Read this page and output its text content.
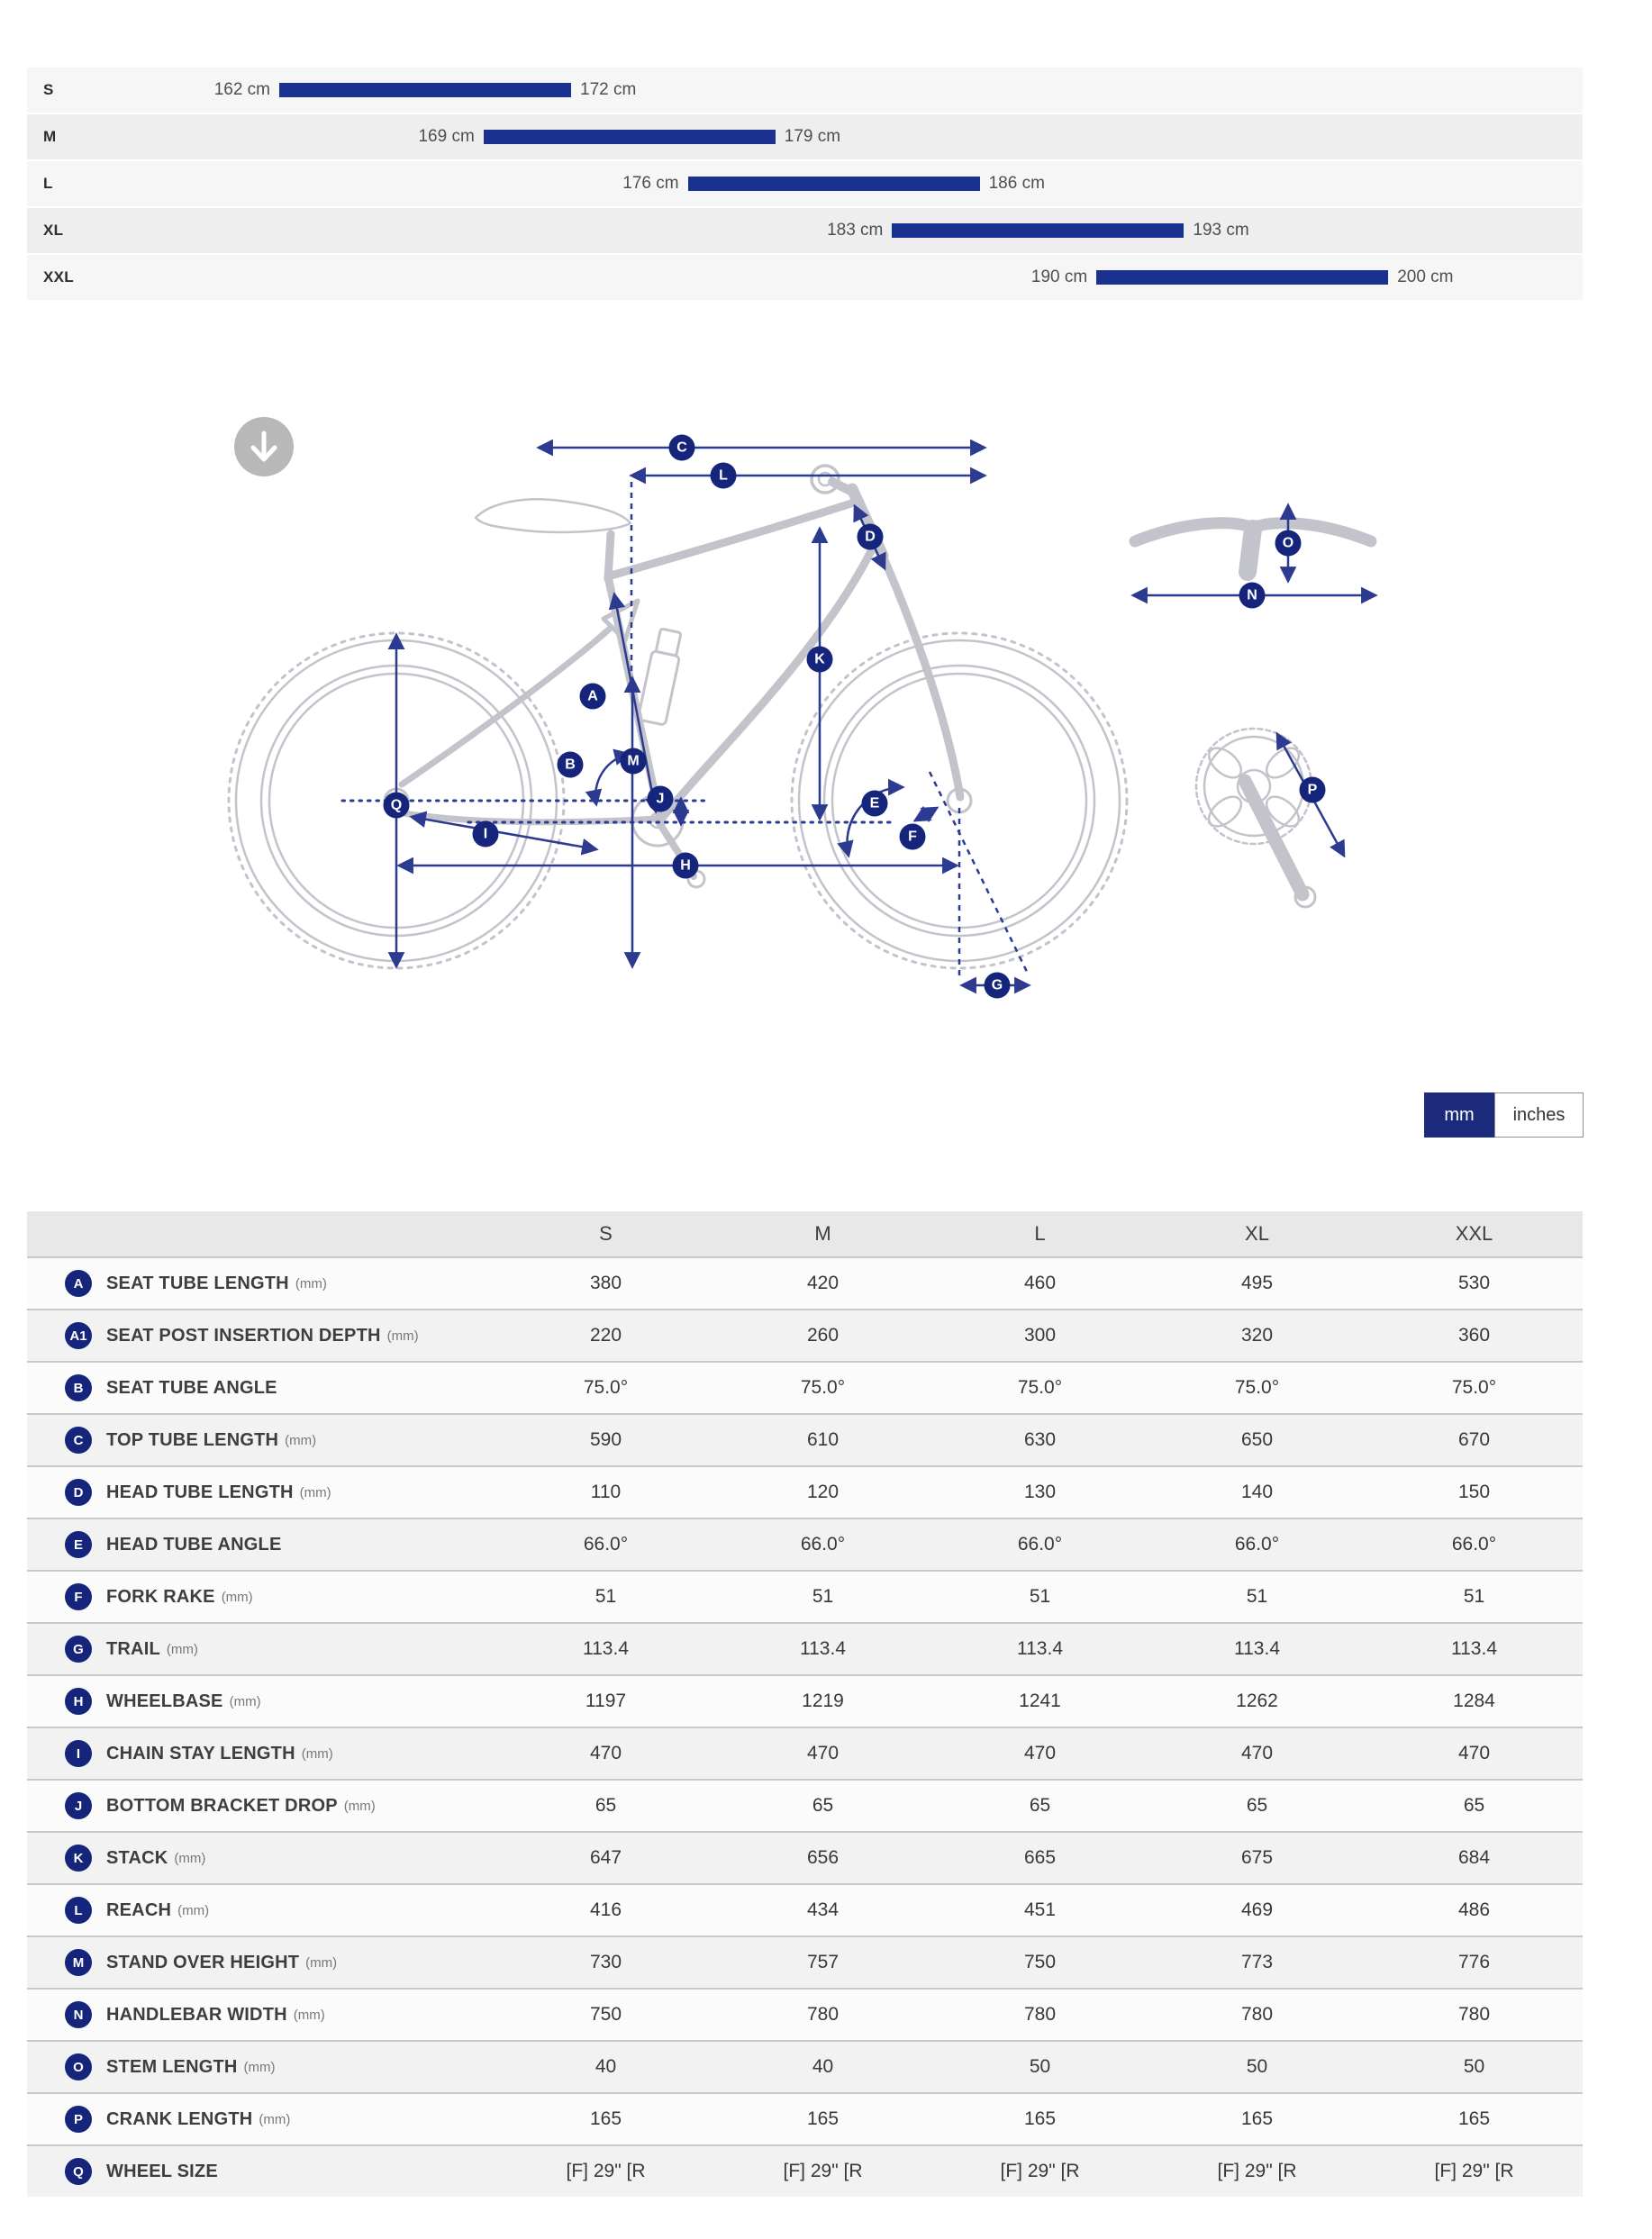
S	162 cm	172 cm
M	169 cm	179 cm
L	176 cm	186 cm
XL	183 cm	193 cm
XXL	190 cm	200 cm
A
B
C
D
E
F
G
H
I
J
K
L
M
N
O
P
Q
mm	inches
S	M	L	XL	XXL
A	SEAT TUBE LENGTH (mm)	380	420	460	495	530
A1 SEAT POST INSERTION DEPTH (mm)	220	260	300	320	360
B	SEAT TUBE ANGLE	75.0°	75.0°	75.0°	75.0°	75.0°
C	TOP TUBE LENGTH (mm)	590	610	630	650	670
D	HEAD TUBE LENGTH (mm)	110	120	130	140	150
E	HEAD TUBE ANGLE	66.0°	66.0°	66.0°	66.0°	66.0°
F	FORK RAKE (mm)	51	51	51	51	51
G	TRAIL (mm)	113.4	113.4	113.4	113.4	113.4
H	WHEELBASE (mm)	1197	1219	1241	1262	1284
I	CHAIN STAY LENGTH (mm)	470	470	470	470	470
J	BOTTOM BRACKET DROP (mm)	65	65	65	65	65
K	STACK (mm)	647	656	665	675	684
L	REACH (mm)	416	434	451	469	486
M	STAND OVER HEIGHT (mm)	730	757	750	773	776
N	HANDLEBAR WIDTH (mm)	750	780	780	780	780
O	STEM LENGTH (mm)	40	40	50	50	50
P	CRANK LENGTH (mm)	165	165	165	165	165
Q	WHEEL SIZE	[F] 29" [R	[F] 29" [R	[F] 29" [R	[F] 29" [R	[F] 29" [R
